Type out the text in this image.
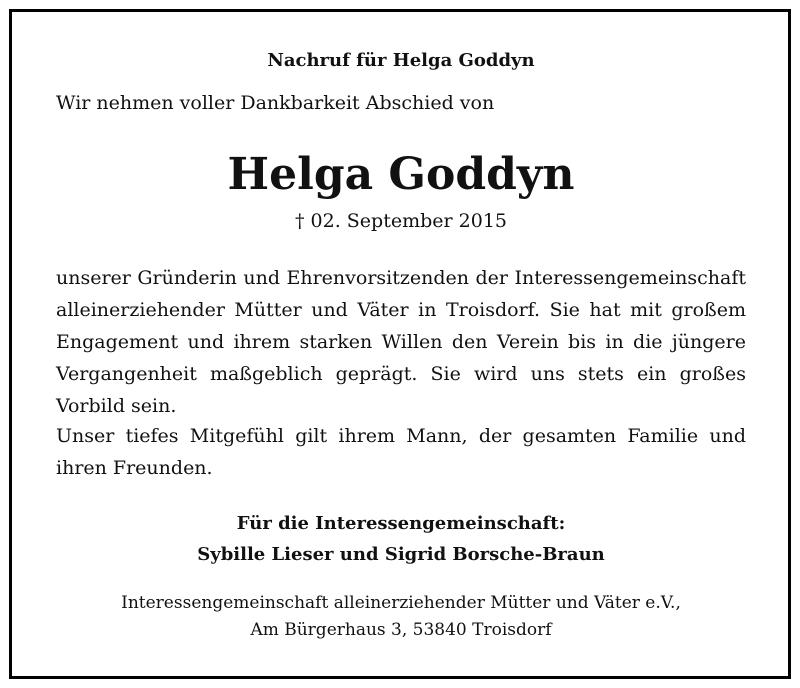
Nachruf für Helga Goddyn
Wir nehmen voller Dankbarkeit Abschied von
Helga Goddyn
† 02. September 2015
unserer Gründerin und Ehrenvorsitzenden der Interessengemeinschaft alleinerziehender Mütter und Väter in Troisdorf. Sie hat mit großem Engagement und ihrem starken Willen den Verein bis in die jüngere Vergangenheit maßgeblich geprägt. Sie wird uns stets ein großes Vorbild sein.
Unser tiefes Mitgefühl gilt ihrem Mann, der gesamten Familie und ihren Freunden.
Für die Interessengemeinschaft:
Sybille Lieser und Sigrid Borsche-Braun
Interessengemeinschaft alleinerziehender Mütter und Väter e.V.,
Am Bürgerhaus 3, 53840 Troisdorf
